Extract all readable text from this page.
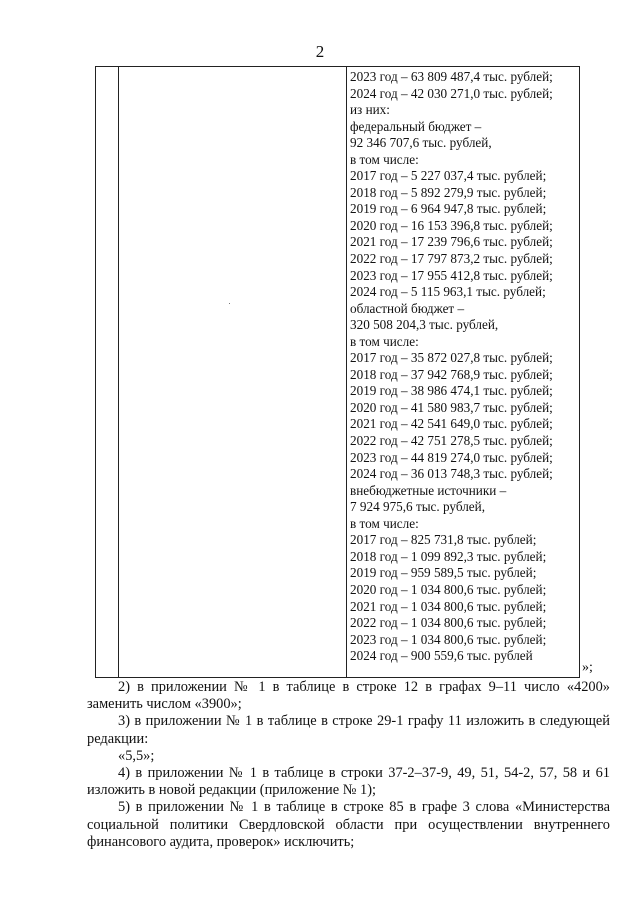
2
2023 год – 63 809 487,4 тыс. рублей;
2024 год – 42 030 271,0 тыс. рублей;
из них:
федеральный бюджет –
92 346 707,6 тыс. рублей,
в том числе:
2017 год – 5 227 037,4 тыс. рублей;
2018 год – 5 892 279,9 тыс. рублей;
2019 год – 6 964 947,8 тыс. рублей;
2020 год – 16 153 396,8 тыс. рублей;
2021 год – 17 239 796,6 тыс. рублей;
2022 год – 17 797 873,2 тыс. рублей;
2023 год – 17 955 412,8 тыс. рублей;
2024 год – 5 115 963,1 тыс. рублей;
областной бюджет –
320 508 204,3 тыс. рублей,
в том числе:
2017 год – 35 872 027,8 тыс. рублей;
2018 год – 37 942 768,9 тыс. рублей;
2019 год – 38 986 474,1 тыс. рублей;
2020 год – 41 580 983,7 тыс. рублей;
2021 год – 42 541 649,0 тыс. рублей;
2022 год – 42 751 278,5 тыс. рублей;
2023 год – 44 819 274,0 тыс. рублей;
2024 год – 36 013 748,3 тыс. рублей;
внебюджетные источники –
7 924 975,6 тыс. рублей,
в том числе:
2017 год – 825 731,8 тыс. рублей;
2018 год – 1 099 892,3 тыс. рублей;
2019 год – 959 589,5 тыс. рублей;
2020 год – 1 034 800,6 тыс. рублей;
2021 год – 1 034 800,6 тыс. рублей;
2022 год – 1 034 800,6 тыс. рублей;
2023 год – 1 034 800,6 тыс. рублей;
2024 год – 900 559,6 тыс. рублей
»;

2) в приложении № 1 в таблице в строке 12 в графах 9–11 число «4200» заменить числом «3900»;

3) в приложении № 1 в таблице в строке 29-1 графу 11 изложить в следующей редакции:

«5,5»;

4) в приложении № 1 в таблице в строки 37-2–37-9, 49, 51, 54-2, 57, 58 и 61 изложить в новой редакции (приложение № 1);

5) в приложении № 1 в таблице в строке 85 в графе 3 слова «Министерства социальной политики Свердловской области при осуществлении внутреннего финансового аудита, проверок» исключить;
